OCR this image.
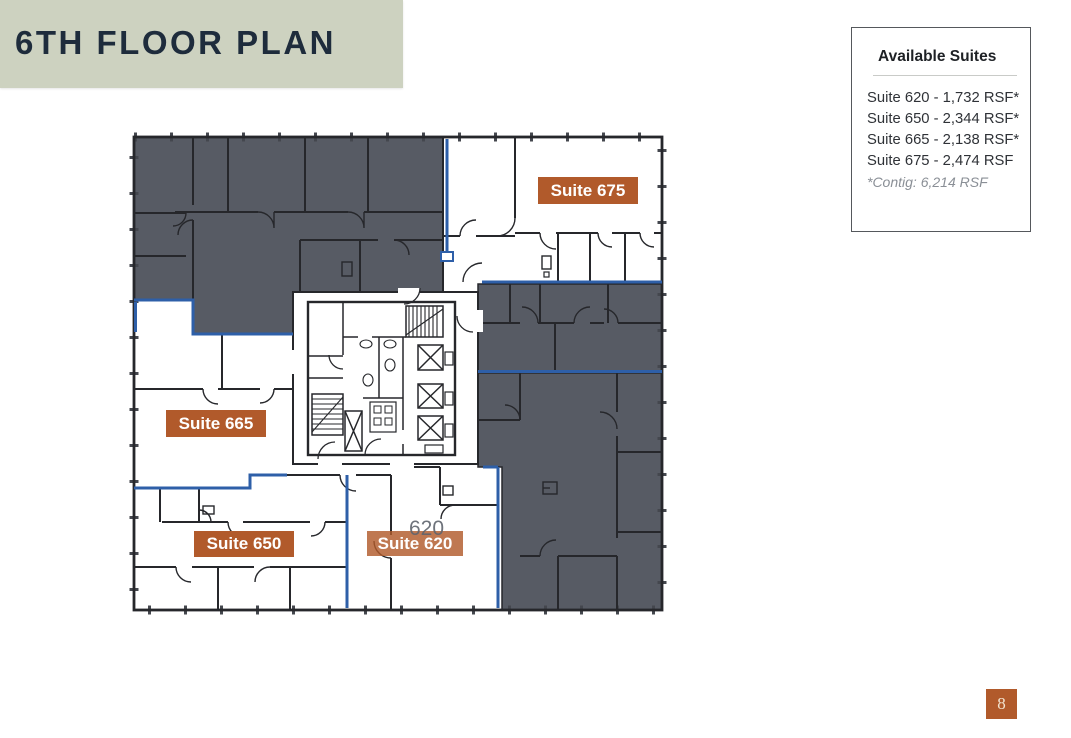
6TH FLOOR PLAN
620
Suite 675
Suite 665
Suite 650	Suite 620
Available Suites
Suite 620 - 1,732 RSF*
Suite 650 - 2,344 RSF*
Suite 665 - 2,138 RSF*
Suite 675 - 2,474 RSF
*Contig: 6,214 RSF
8
